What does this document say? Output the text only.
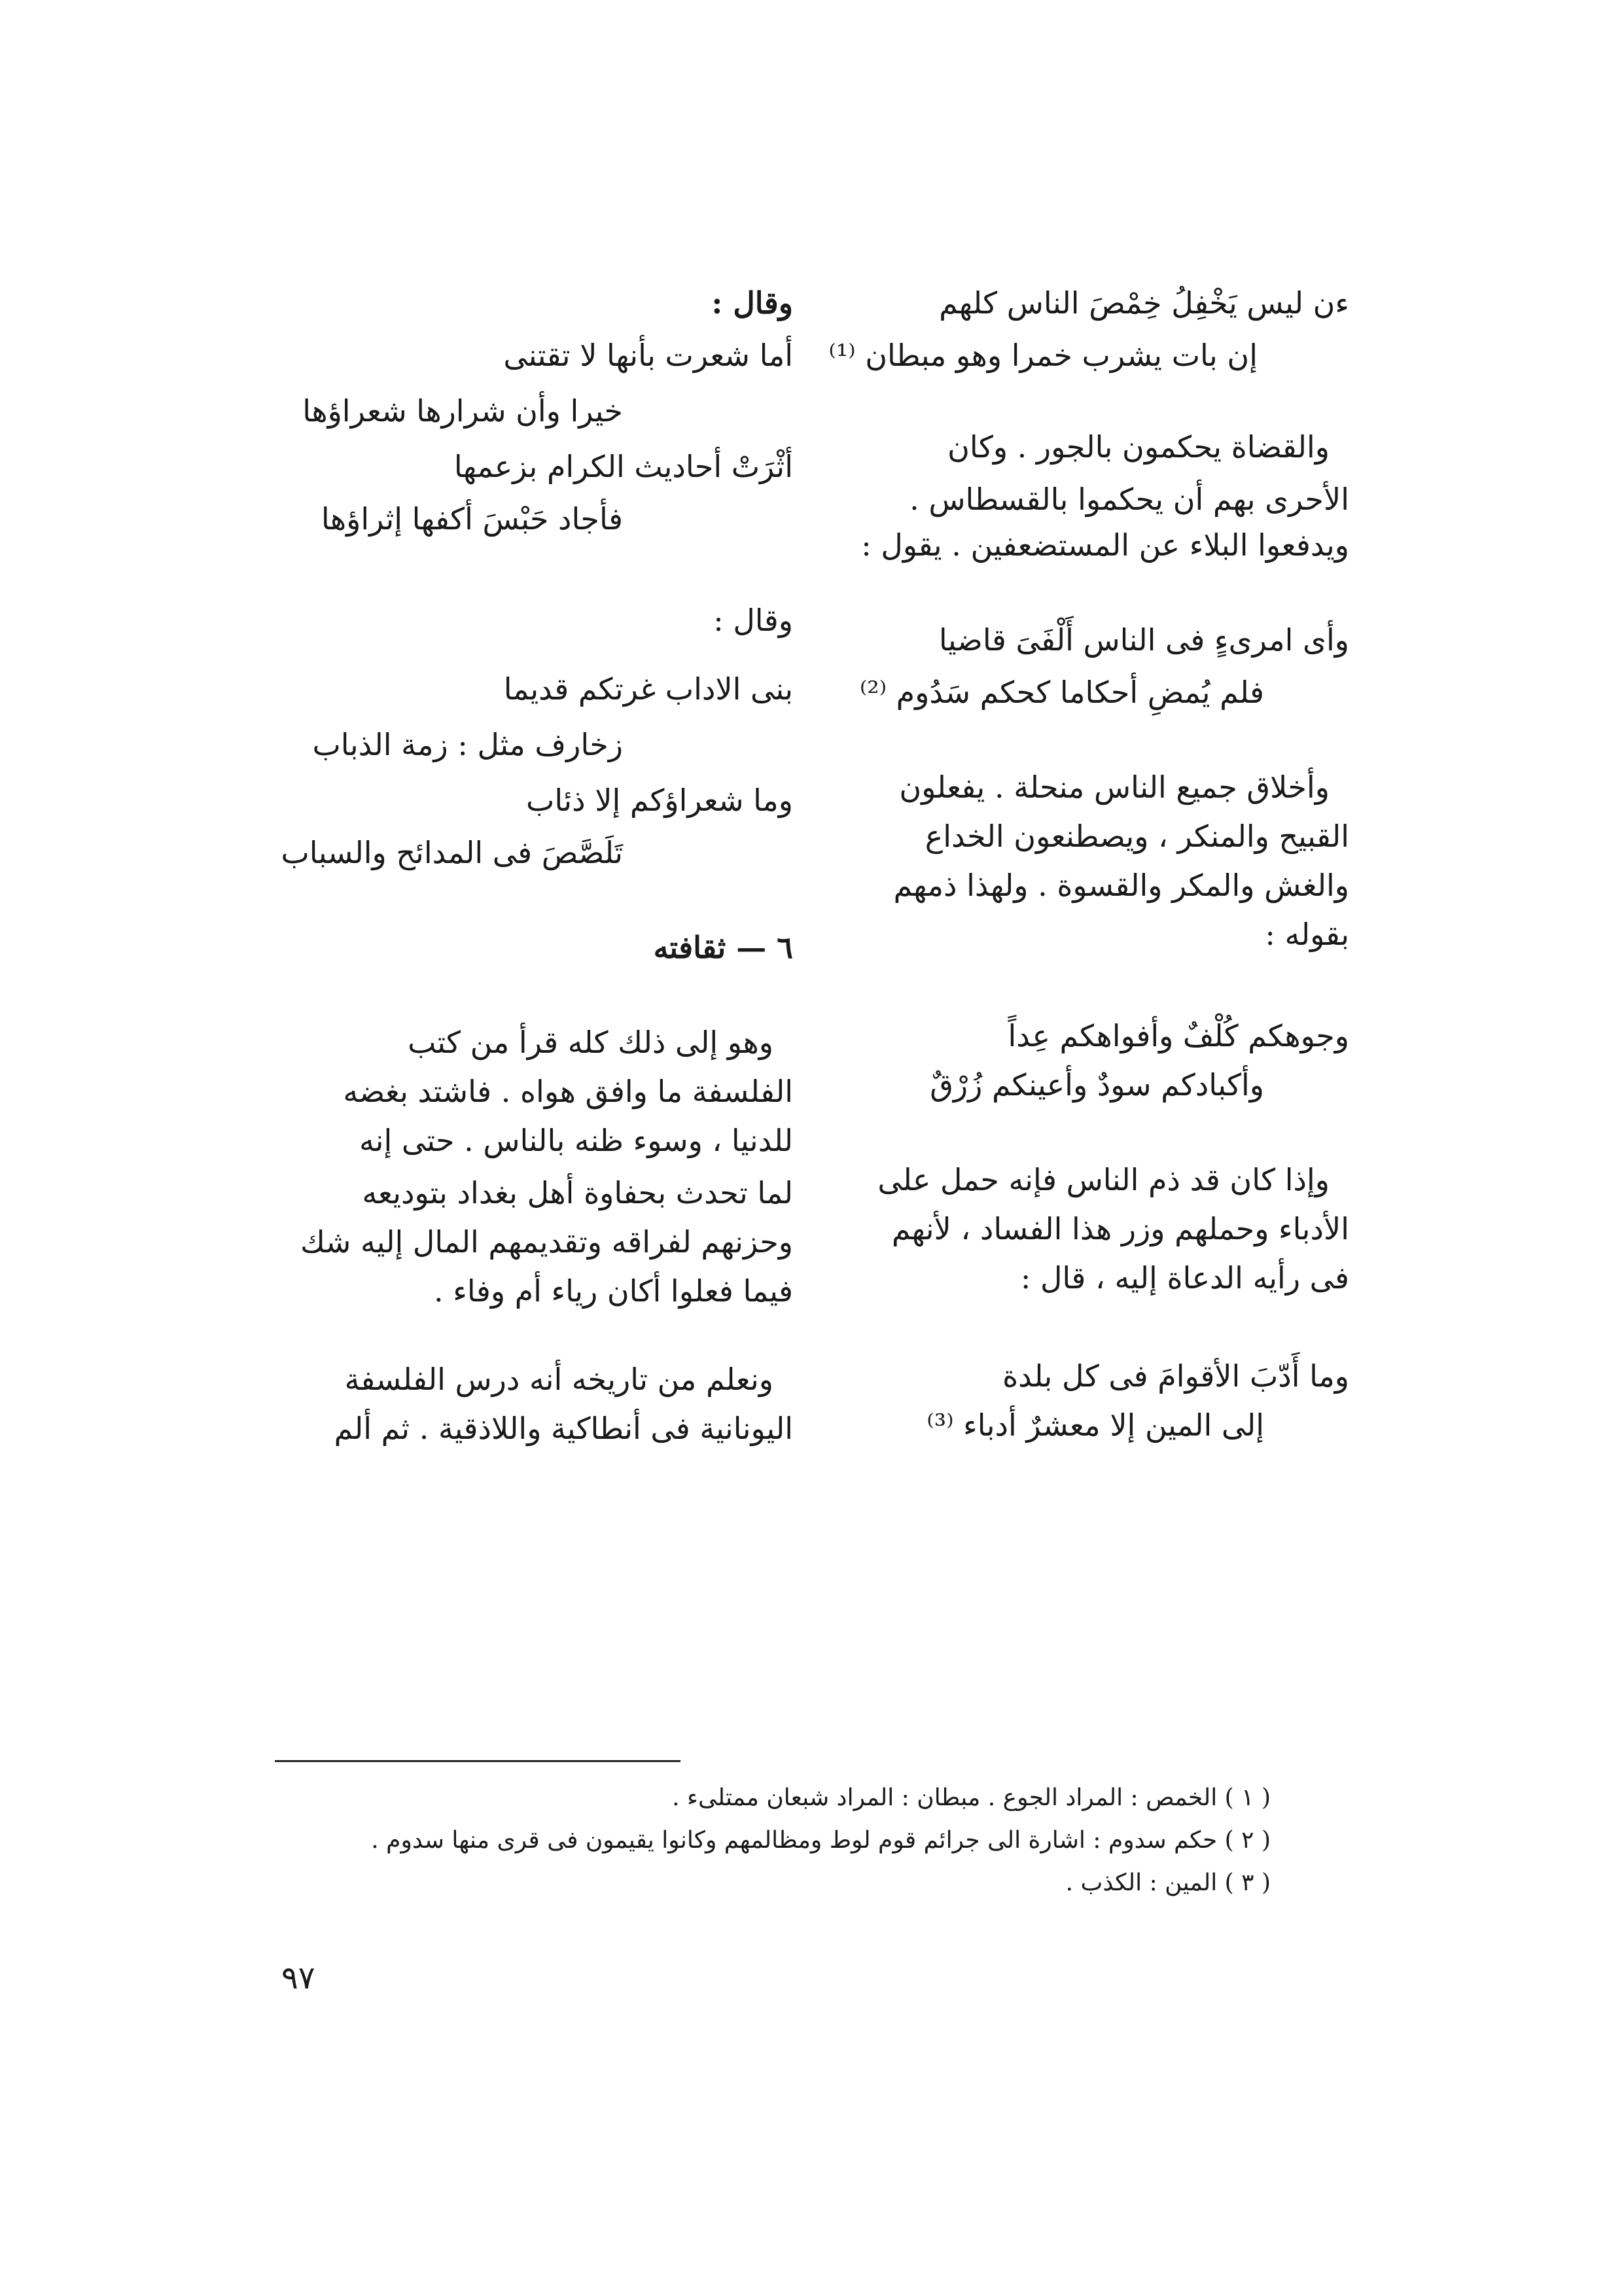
ءن ليس يَخْفِلُ خِمْصَ الناس كلهم
إن بات يشرب خمرا وهو مبطان ⁽¹⁾
والقضاة يحكمون بالجور . وكان
الأحرى بهم أن يحكموا بالقسطاس .
ويدفعوا البلاء عن المستضعفين . يقول :
وأى امرىءٍ فى الناس أَلْفَىَ قاضيا
فلم يُمضِ أحكاما كحكم سَدُوم ⁽²⁾
وأخلاق جميع الناس منحلة . يفعلون
القبيح والمنكر ، ويصطنعون الخداع
والغش والمكر والقسوة . ولهذا ذمهم
بقوله :
وجوهكم كُلْفٌ وأفواهكم عِداً
وأكبادكم سودٌ وأعينكم زُرْقٌ
وإذا كان قد ذم الناس فإنه حمل على
الأدباء وحملهم وزر هذا الفساد ، لأنهم
فى رأيه الدعاة إليه ، قال :
وما أَدّبَ الأقوامَ فى كل بلدة
إلى المين إلا معشرٌ أدباء ⁽³⁾
وقال :
أما شعرت بأنها لا تقتنى
خيرا وأن شرارها شعراؤها
أثْرَتْ أحاديث الكرام بزعمها
فأجاد حَبْسَ أكفها إثراؤها
وقال :
بنى الاداب غرتكم قديما
زخارف مثل : زمة الذباب
وما شعراؤكم إلا ذئاب
تَلَصَّصَ فى المدائح والسباب
٦ — ثقافته
وهو إلى ذلك كله قرأ من كتب
الفلسفة ما وافق هواه . فاشتد بغضه
للدنيا ، وسوء ظنه بالناس . حتى إنه
لما تحدث بحفاوة أهل بغداد بتوديعه
وحزنهم لفراقه وتقديمهم المال إليه شك
فيما فعلوا أكان رياء أم وفاء .
ونعلم من تاريخه أنه درس الفلسفة
اليونانية فى أنطاكية واللاذقية . ثم ألم
( ١ ) الخمص : المراد الجوع . مبطان : المراد شبعان ممتلىء .
( ٢ ) حكم سدوم : اشارة الى جرائم قوم لوط ومظالمهم وكانوا يقيمون فى قرى منها سدوم .
( ٣ ) المين : الكذب .
٩٧
